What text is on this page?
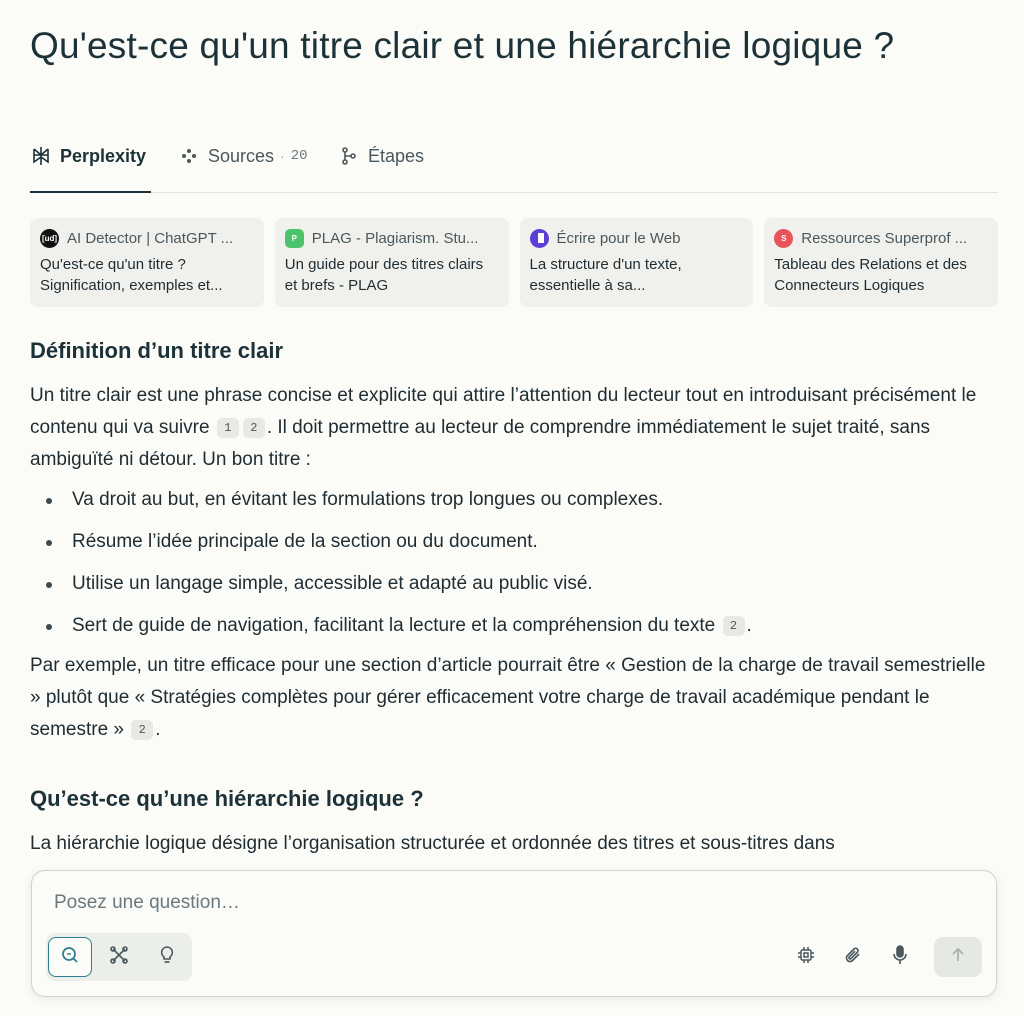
Qu'est-ce qu'un titre clair et une hiérarchie logique ?
Perplexity	Sources · 20	Étapes
[ud] AI Detector | ChatGPT ...
Qu'est-ce qu'un titre ? Signification, exemples et...
P PLAG - Plagiarism. Stu...
Un guide pour des titres clairs et brefs - PLAG
Écrire pour le Web
La structure d'un texte, essentielle à sa...
S Ressources Superprof ...
Tableau des Relations et des Connecteurs Logiques
Définition d’un titre clair

Un titre clair est une phrase concise et explicite qui attire l’attention du lecteur tout en introduisant précisément le contenu qui va suivre 1 2 . Il doit permettre au lecteur de comprendre immédiatement le sujet traité, sans ambiguïté ni détour. Un bon titre :

Va droit au but, en évitant les formulations trop longues ou complexes.
Résume l’idée principale de la section ou du document.
Utilise un langage simple, accessible et adapté au public visé.
Sert de guide de navigation, facilitant la lecture et la compréhension du texte 2 .

Par exemple, un titre efficace pour une section d’article pourrait être « Gestion de la charge de travail semestrielle » plutôt que « Stratégies complètes pour gérer efficacement votre charge de travail académique pendant le semestre » 2 .

Qu’est-ce qu’une hiérarchie logique ?

La hiérarchie logique désigne l’organisation structurée et ordonnée des titres et sous-titres dans

Posez une question…
